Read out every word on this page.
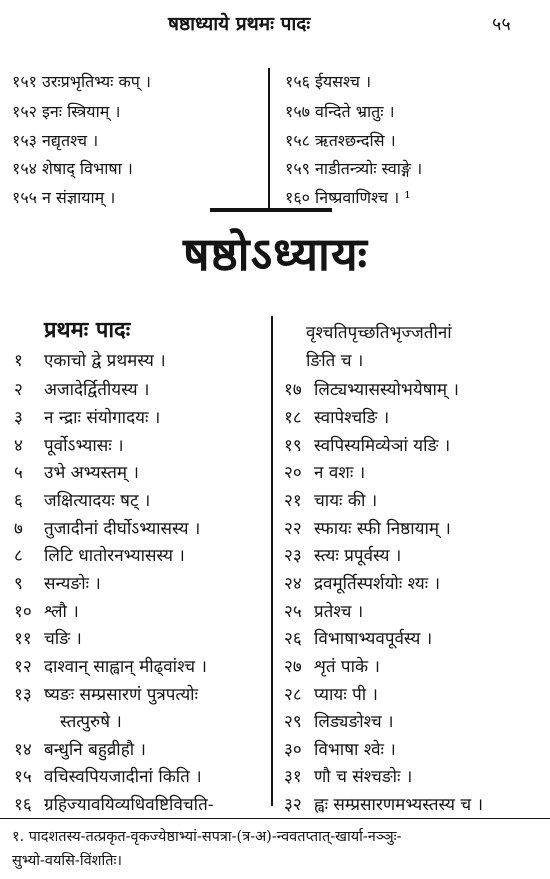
षष्ठाध्याये प्रथमः पादः	५५
१५१ उरःप्रभृतिभ्यः कप् ।
१५२ इनः स्त्रियाम् ।
१५३ नद्यृतश्च ।
१५४ शेषाद् विभाषा ।
१५५ न संज्ञायाम् ।
१५६ ईयसश्च ।
१५७ वन्दिते भ्रातुः ।
१५८ ऋतश्छन्दसि ।
१५९ नाडीतन्त्र्योः स्वाङ्गे ।
१६० निष्प्रवाणिश्च । ¹
षष्ठोऽध्यायः
प्रथमः पादः
१ एकाचो द्वे प्रथमस्य ।
२ अजादेर्द्वितीयस्य ।
३ न न्द्राः संयोगादयः ।
४ पूर्वोऽभ्यासः ।
५ उभे अभ्यस्तम् ।
६ जक्षित्यादयः षट् ।
७ तुजादीनां दीर्घोऽभ्यासस्य ।
८ लिटि धातोरनभ्यासस्य ।
९ सन्यङोः ।
१० श्लौ ।
११ चङि ।
१२ दाश्वान् साह्वान् मीढ्वांश्च ।
१३ ष्यङः सम्प्रसारणं पुत्रपत्योः
स्तत्पुरुषे ।
१४ बन्धुनि बहुव्रीहौ ।
१५ वचिस्वपियजादीनां किति ।
१६ ग्रहिज्यावयिव्यधिवष्टिविचति-
वृश्चतिपृच्छतिभृज्जतीनां
ङिति च ।
१७ लिट्यभ्यासस्योभयेषाम् ।
१८ स्वापेश्चङि ।
१९ स्वपिस्यमिव्येञां यङि ।
२० न वशः ।
२१ चायः की ।
२२ स्फायः स्फी निष्ठायाम् ।
२३ स्त्यः प्रपूर्वस्य ।
२४ द्रवमूर्तिस्पर्शयोः श्यः ।
२५ प्रतेश्च ।
२६ विभाषाभ्यवपूर्वस्य ।
२७ शृतं पाके ।
२८ प्यायः पी ।
२९ लिड्यङोश्च ।
३० विभाषा श्वेः ।
३१ णौ च संश्चङोः ।
३२ ह्वः सम्प्रसारणमभ्यस्तस्य च ।
१. पादशतस्य-तत्प्रकृत-वृकज्येष्ठाभ्यां-सपत्रा-(त्र-अ)-न्ववतप्तात्-खार्या-नञ्ञुः-
सुभ्यो-वयसि-विंशतिः।
